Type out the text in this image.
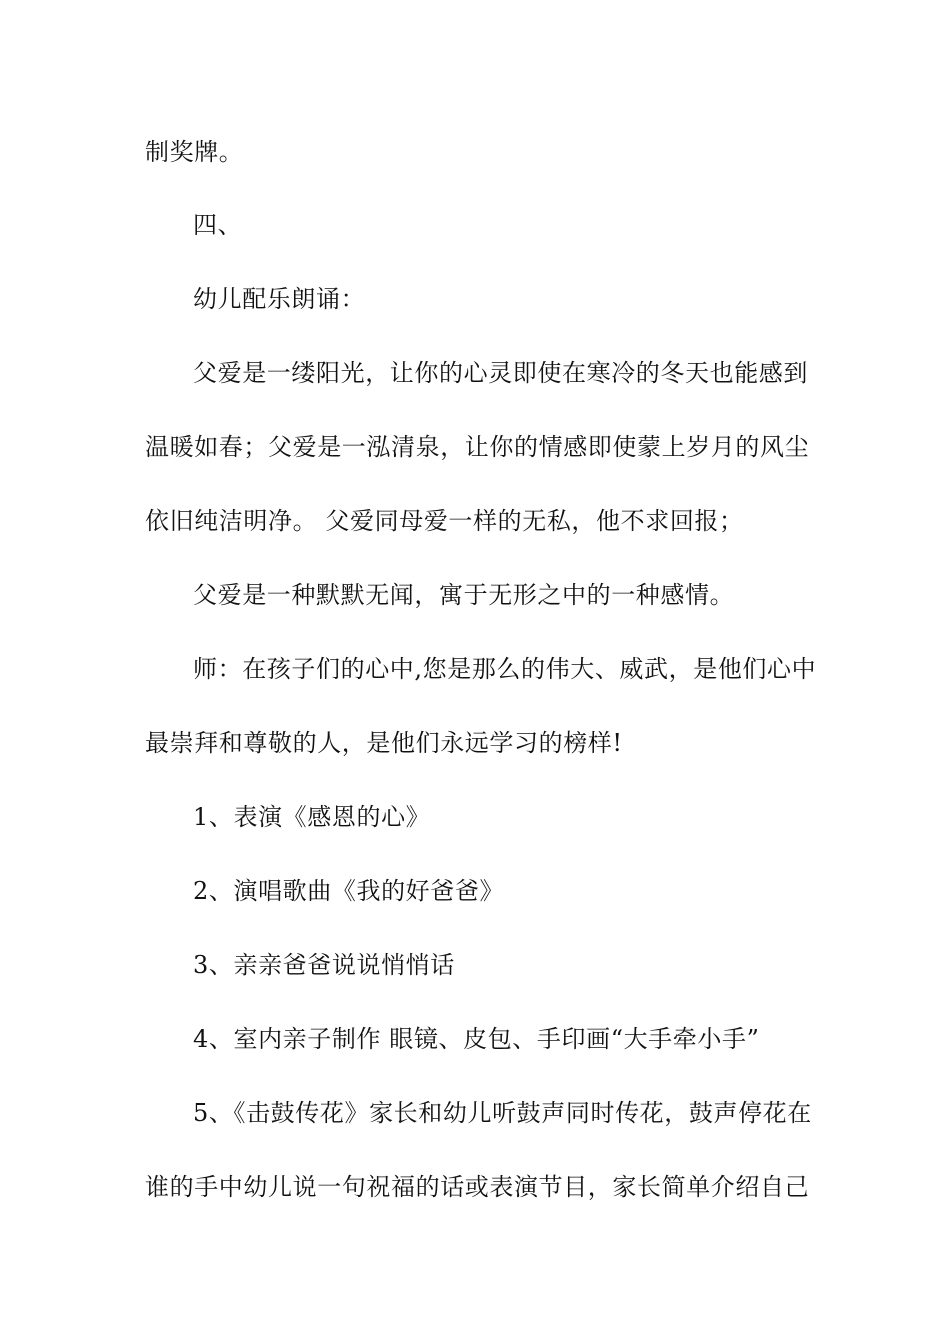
制奖牌。
四、
幼儿配乐朗诵：
父爱是一缕阳光，让你的心灵即使在寒冷的冬天也能感到
温暖如春；父爱是一泓清泉，让你的情感即使蒙上岁月的风尘
依旧纯洁明净。 父爱同母爱一样的无私，他不求回报；
父爱是一种默默无闻，寓于无形之中的一种感情。
师：在孩子们的心中,您是那么的伟大、威武，是他们心中
最崇拜和尊敬的人，是他们永远学习的榜样!
1、表演《感恩的心》
2、演唱歌曲《我的好爸爸》
3、亲亲爸爸说说悄悄话
4、室内亲子制作 眼镜、皮包、手印画“大手牵小手”
5、《击鼓传花》家长和幼儿听鼓声同时传花，鼓声停花在
谁的手中幼儿说一句祝福的话或表演节目，家长简单介绍自己
